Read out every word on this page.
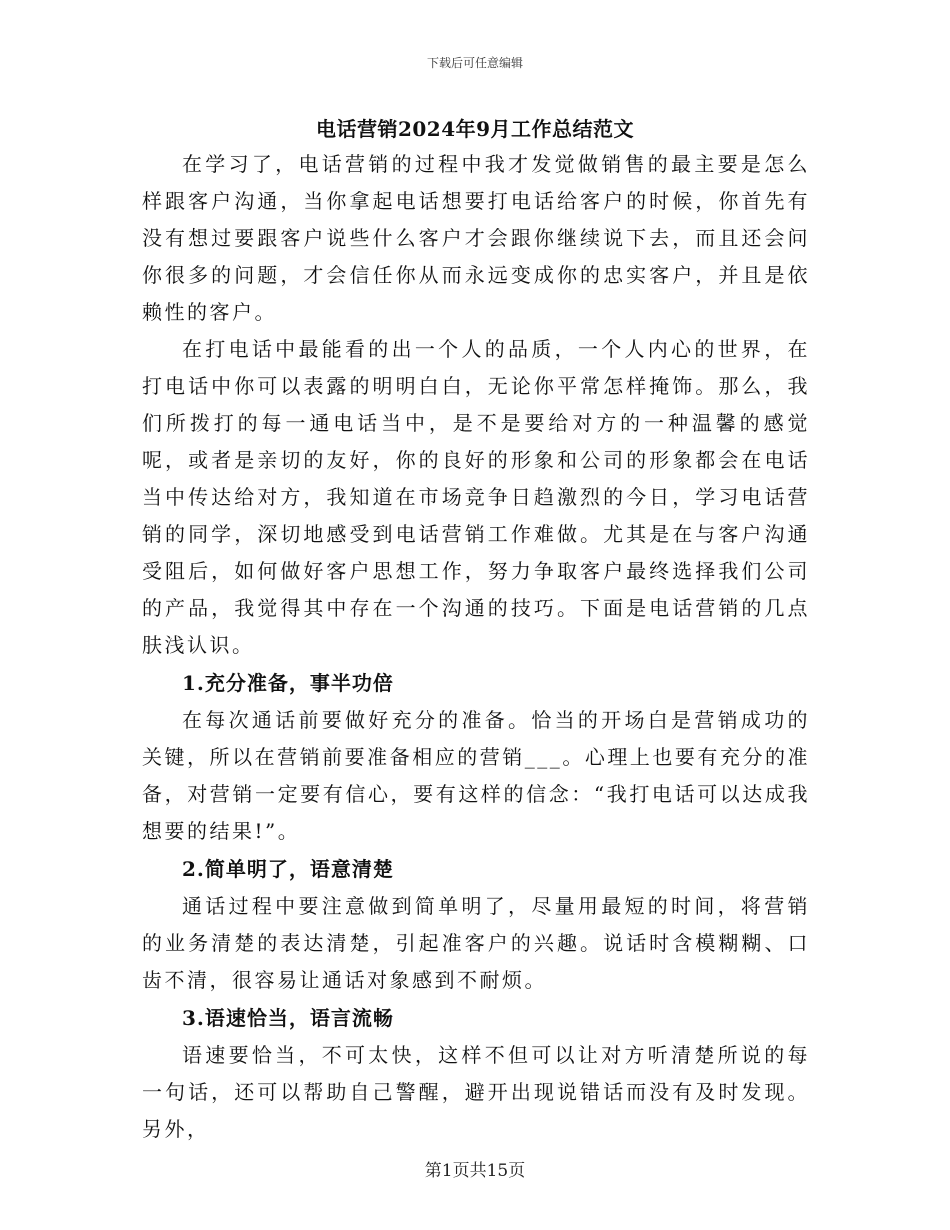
下载后可任意编辑
电话营销2024年9月工作总结范文

在学习了，电话营销的过程中我才发觉做销售的最主要是怎么样跟客户沟通，当你拿起电话想要打电话给客户的时候，你首先有没有想过要跟客户说些什么客户才会跟你继续说下去，而且还会问你很多的问题，才会信任你从而永远变成你的忠实客户，并且是依赖性的客户。

在打电话中最能看的出一个人的品质，一个人内心的世界，在打电话中你可以表露的明明白白，无论你平常怎样掩饰。那么，我们所拨打的每一通电话当中，是不是要给对方的一种温馨的感觉呢，或者是亲切的友好，你的良好的形象和公司的形象都会在电话当中传达给对方，我知道在市场竞争日趋激烈的今日，学习电话营销的同学，深切地感受到电话营销工作难做。尤其是在与客户沟通受阻后，如何做好客户思想工作，努力争取客户最终选择我们公司的产品，我觉得其中存在一个沟通的技巧。下面是电话营销的几点肤浅认识。

1.充分准备，事半功倍

在每次通话前要做好充分的准备。恰当的开场白是营销成功的关键，所以在营销前要准备相应的营销___。心理上也要有充分的准备，对营销一定要有信心，要有这样的信念：“我打电话可以达成我想要的结果!”。

2.简单明了，语意清楚

通话过程中要注意做到简单明了，尽量用最短的时间，将营销的业务清楚的表达清楚，引起准客户的兴趣。说话时含模糊糊、口齿不清，很容易让通话对象感到不耐烦。

3.语速恰当，语言流畅

语速要恰当，不可太快，这样不但可以让对方听清楚所说的每一句话，还可以帮助自己警醒，避开出现说错话而没有及时发现。另外，

第1页共15页
